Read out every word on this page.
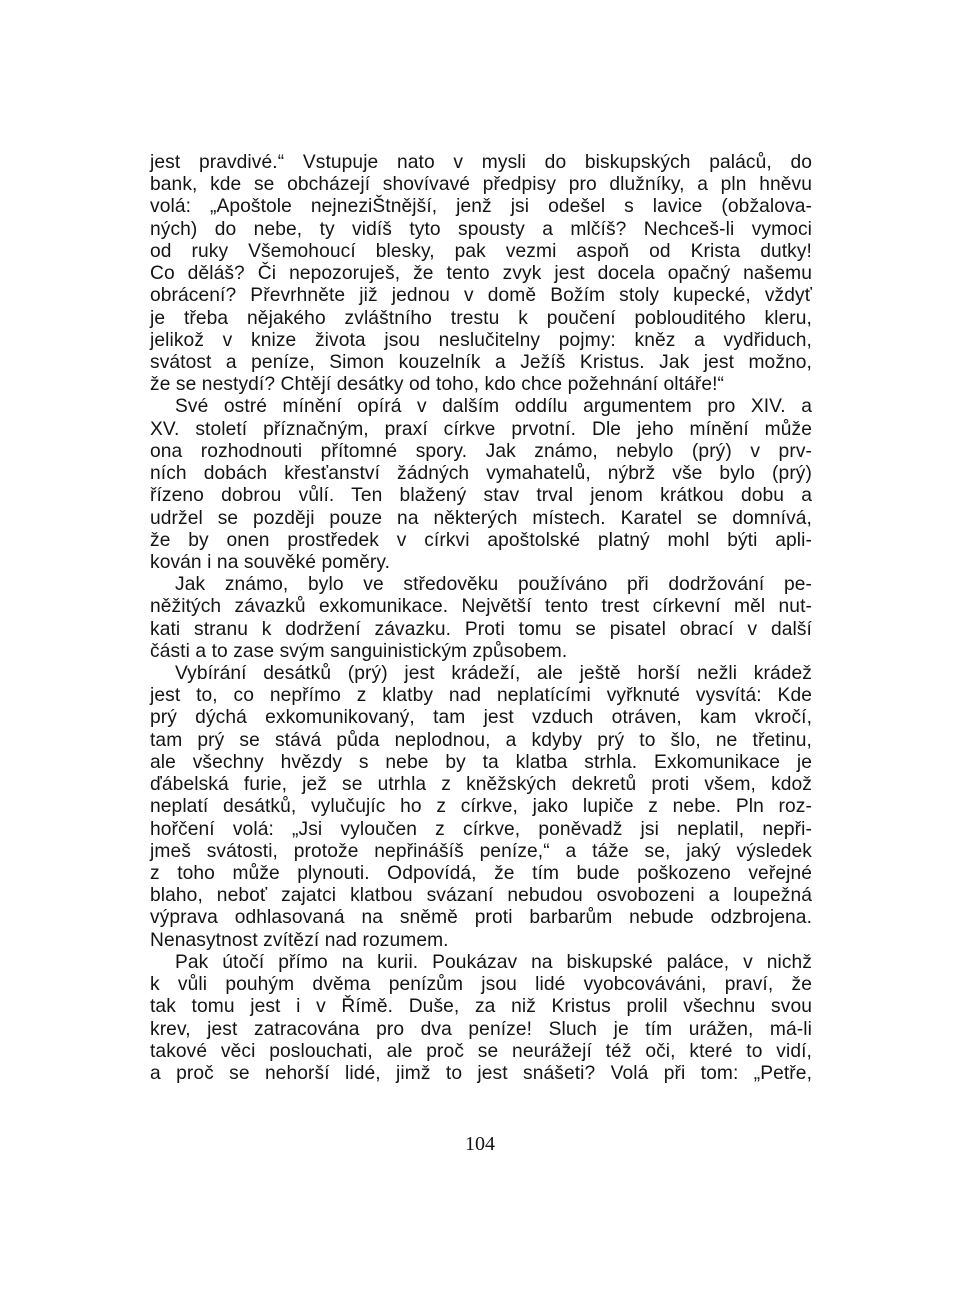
jest pravdivé.“ Vstupuje nato v mysli do biskupských paláců, do
bank, kde se obcházejí shovívavé předpisy pro dlužníky, a pln hněvu
volá: „Apoštole nejneziŠtnější, jenž jsi odešel s lavice (obžalova-
ných) do nebe, ty vidíš tyto spousty a mlčíš? Nechceš-li vymoci
od ruky Všemohoucí blesky, pak vezmi aspoň od Krista dutky!
Co děláš? Či nepozoruješ, že tento zvyk jest docela opačný našemu
obrácení? Převrhněte již jednou v domě Božím stoly kupecké, vždyť
je třeba nějakého zvláštního trestu k poučení poblouditého kleru,
jelikož v knize života jsou neslučitelny pojmy: kněz a vydřiduch,
svátost a peníze, Simon kouzelník a Ježíš Kristus. Jak jest možno,
že se nestydí? Chtějí desátky od toho, kdo chce požehnání oltáře!“
Své ostré mínění opírá v dalším oddílu argumentem pro XIV. a
XV. století příznačným, praxí církve prvotní. Dle jeho mínění může
ona rozhodnouti přítomné spory. Jak známo, nebylo (prý) v prv-
ních dobách křesťanství žádných vymahatelů, nýbrž vše bylo (prý)
řízeno dobrou vůlí. Ten blažený stav trval jenom krátkou dobu a
udržel se později pouze na některých místech. Karatel se domnívá,
že by onen prostředek v církvi apoštolské platný mohl býti apli-
kován i na souvěké poměry.
Jak známo, bylo ve středověku používáno při dodržování pe-
něžitých závazků exkomunikace. Největší tento trest církevní měl nut-
kati stranu k dodržení závazku. Proti tomu se pisatel obrací v další
části a to zase svým sanguinistickým způsobem.
Vybírání desátků (prý) jest krádeží, ale ještě horší nežli krádež
jest to, co nepřímo z klatby nad neplatícími vyřknuté vysvítá: Kde
prý dýchá exkomunikovaný, tam jest vzduch otráven, kam vkročí,
tam prý se stává půda neplodnou, a kdyby prý to šlo, ne třetinu,
ale všechny hvězdy s nebe by ta klatba strhla. Exkomunikace je
ďábelská furie, jež se utrhla z kněžských dekretů proti všem, kdož
neplatí desátků, vylučujíc ho z církve, jako lupiče z nebe. Pln roz-
hořčení volá: „Jsi vyloučen z církve, poněvadž jsi neplatil, nepři-
jmeš svátosti, protože nepřinášíš peníze,“ a táže se, jaký výsledek
z toho může plynouti. Odpovídá, že tím bude poškozeno veřejné
blaho, neboť zajatci klatbou svázaní nebudou osvobozeni a loupežná
výprava odhlasovaná na sněmě proti barbarům nebude odzbrojena.
Nenasytnost zvítězí nad rozumem.
Pak útočí přímo na kurii. Poukázav na biskupské paláce, v nichž
k vůli pouhým dvěma penízům jsou lidé vyobcováváni, praví, že
tak tomu jest i v Římě. Duše, za niž Kristus prolil všechnu svou
krev, jest zatracována pro dva peníze! Sluch je tím urážen, má-li
takové věci poslouchati, ale proč se neurážejí též oči, které to vidí,
a proč se nehorší lidé, jimž to jest snášeti? Volá při tom: „Petře,
104
